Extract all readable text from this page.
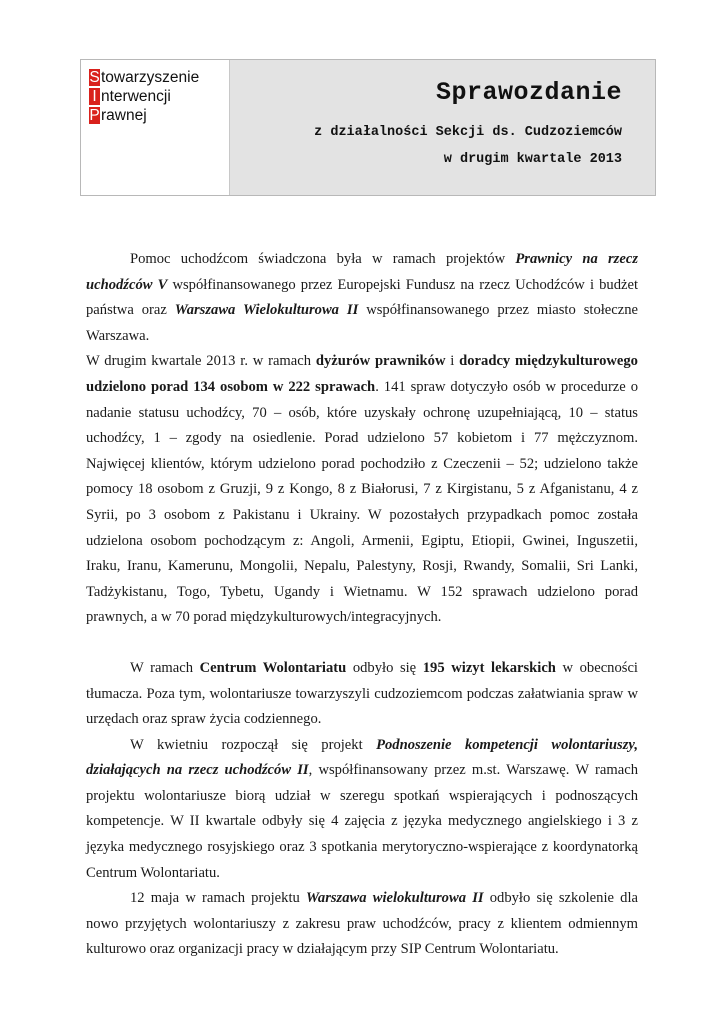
Stowarzyszenie
I nterwencji
Prawnej
Sprawozdanie
z działalności Sekcji ds. Cudzoziemców
w drugim kwartale 2013

Pomoc uchodźcom świadczona była w ramach projektów Prawnicy na rzecz uchodźców V współfinansowanego przez Europejski Fundusz na rzecz Uchodźców i budżet państwa oraz Warszawa Wielokulturowa II współfinansowanego przez miasto stołeczne Warszawa.

W drugim kwartale 2013 r. w ramach dyżurów prawników i doradcy międzykulturowego udzielono porad 134 osobom w 222 sprawach. 141 spraw dotyczyło osób w procedurze o nadanie statusu uchodźcy, 70 – osób, które uzyskały ochronę uzupełniającą, 10 – status uchodźcy, 1 – zgody na osiedlenie. Porad udzielono 57 kobietom i 77 mężczyznom. Najwięcej klientów, którym udzielono porad pochodziło z Czeczenii – 52; udzielono także pomocy 18 osobom z Gruzji, 9 z Kongo, 8 z Białorusi, 7 z Kirgistanu, 5 z Afganistanu, 4 z Syrii, po 3 osobom z Pakistanu i Ukrainy. W pozostałych przypadkach pomoc została udzielona osobom pochodzącym z: Angoli, Armenii, Egiptu, Etiopii, Gwinei, Inguszetii, Iraku, Iranu, Kamerunu, Mongolii, Nepalu, Palestyny, Rosji, Rwandy, Somalii, Sri Lanki, Tadżykistanu, Togo, Tybetu, Ugandy i Wietnamu. W 152 sprawach udzielono porad prawnych, a w 70 porad międzykulturowych/integracyjnych.

W ramach Centrum Wolontariatu odbyło się 195 wizyt lekarskich w obecności tłumacza. Poza tym, wolontariusze towarzyszyli cudzoziemcom podczas załatwiania spraw w urzędach oraz spraw życia codziennego.

W kwietniu rozpoczął się projekt Podnoszenie kompetencji wolontariuszy, działających na rzecz uchodźców II, współfinansowany przez m.st. Warszawę. W ramach projektu wolontariusze biorą udział w szeregu spotkań wspierających i podnoszących kompetencje. W II kwartale odbyły się 4 zajęcia z języka medycznego angielskiego i 3 z języka medycznego rosyjskiego oraz 3 spotkania merytoryczno-wspierające z koordynatorką Centrum Wolontariatu.

12 maja w ramach projektu Warszawa wielokulturowa II odbyło się szkolenie dla nowo przyjętych wolontariuszy z zakresu praw uchodźców, pracy z klientem odmiennym kulturowo oraz organizacji pracy w działającym przy SIP Centrum Wolontariatu.
